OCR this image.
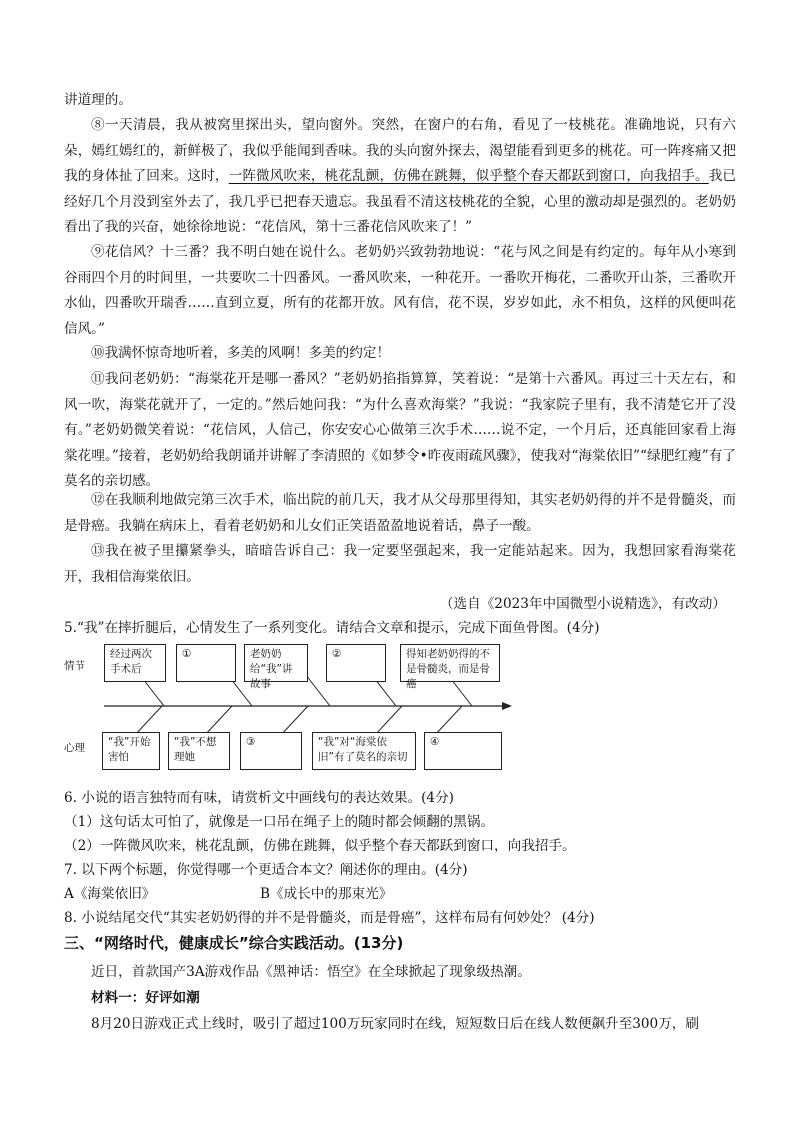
讲道理的。

⑧一天清晨，我从被窝里探出头，望向窗外。突然，在窗户的右角，看见了一枝桃花。准确地说，只有六朵，嫣红嫣红的，新鲜极了，我似乎能闻到香味。我的头向窗外探去，渴望能看到更多的桃花。可一阵疼痛又把我的身体扯了回来。这时，一阵微风吹来，桃花乱颤，仿佛在跳舞，似乎整个春天都跃到窗口，向我招手。我已经好几个月没到室外去了，我几乎已把春天遗忘。我虽看不清这枝桃花的全貌，心里的激动却是强烈的。老奶奶看出了我的兴奋，她徐徐地说：“花信风，第十三番花信风吹来了！”

⑨花信风？十三番？我不明白她在说什么。老奶奶兴致勃勃地说：“花与风之间是有约定的。每年从小寒到谷雨四个月的时间里，一共要吹二十四番风。一番风吹来，一种花开。一番吹开梅花，二番吹开山茶，三番吹开水仙，四番吹开瑞香……直到立夏，所有的花都开放。风有信，花不误，岁岁如此，永不相负，这样的风便叫花信风。”

⑩我满怀惊奇地听着，多美的风啊！多美的约定！

⑪我问老奶奶：“海棠花开是哪一番风？”老奶奶掐指算算，笑着说：“是第十六番风。再过三十天左右，和风一吹，海棠花就开了，一定的。”然后她问我：“为什么喜欢海棠？”我说：“我家院子里有，我不清楚它开了没有。”老奶奶微笑着说：“花信风，人信己，你安安心心做第三次手术……说不定，一个月后，还真能回家看上海棠花哩。”接着，老奶奶给我朗诵并讲解了李清照的《如梦令•昨夜雨疏风骤》，使我对“海棠依旧”“绿肥红瘦”有了莫名的亲切感。

⑫在我顺利地做完第三次手术，临出院的前几天，我才从父母那里得知，其实老奶奶得的并不是骨髓炎，而是骨癌。我躺在病床上，看着老奶奶和儿女们正笑语盈盈地说着话，鼻子一酸。

⑬我在被子里攥紧拳头，暗暗告诉自己：我一定要坚强起来，我一定能站起来。因为，我想回家看海棠花开，我相信海棠依旧。

（选自《2023年中国微型小说精选》，有改动）

5.“我”在摔折腿后，心情发生了一系列变化。请结合文章和提示，完成下面鱼骨图。(4分)

情节
心理
经过两次手术后
①	老奶奶给“我”讲故事
②	得知老奶奶得的不是骨髓炎，而是骨癌
“我”开始害怕
“我”不想理她
③	“我”对“海棠依旧”有了莫名的亲切
④

6. 小说的语言独特而有味，请赏析文中画线句的表达效果。(4分)

（1）这句话太可怕了，就像是一口吊在绳子上的随时都会倾翻的黑锅。

（2）一阵微风吹来，桃花乱颤，仿佛在跳舞，似乎整个春天都跃到窗口，向我招手。

7. 以下两个标题，你觉得哪一个更适合本文？阐述你的理由。(4分)

A《海棠依旧》	B《成长中的那束光》

8. 小说结尾交代“其实老奶奶得的并不是骨髓炎，而是骨癌”，这样布局有何妙处？ (4分)

三、“网络时代，健康成长”综合实践活动。(13分)

近日，首款国产3A游戏作品《黑神话：悟空》在全球掀起了现象级热潮。

材料一：好评如潮

8月20日游戏正式上线时，吸引了超过100万玩家同时在线，短短数日后在线人数便飙升至300万，刷
